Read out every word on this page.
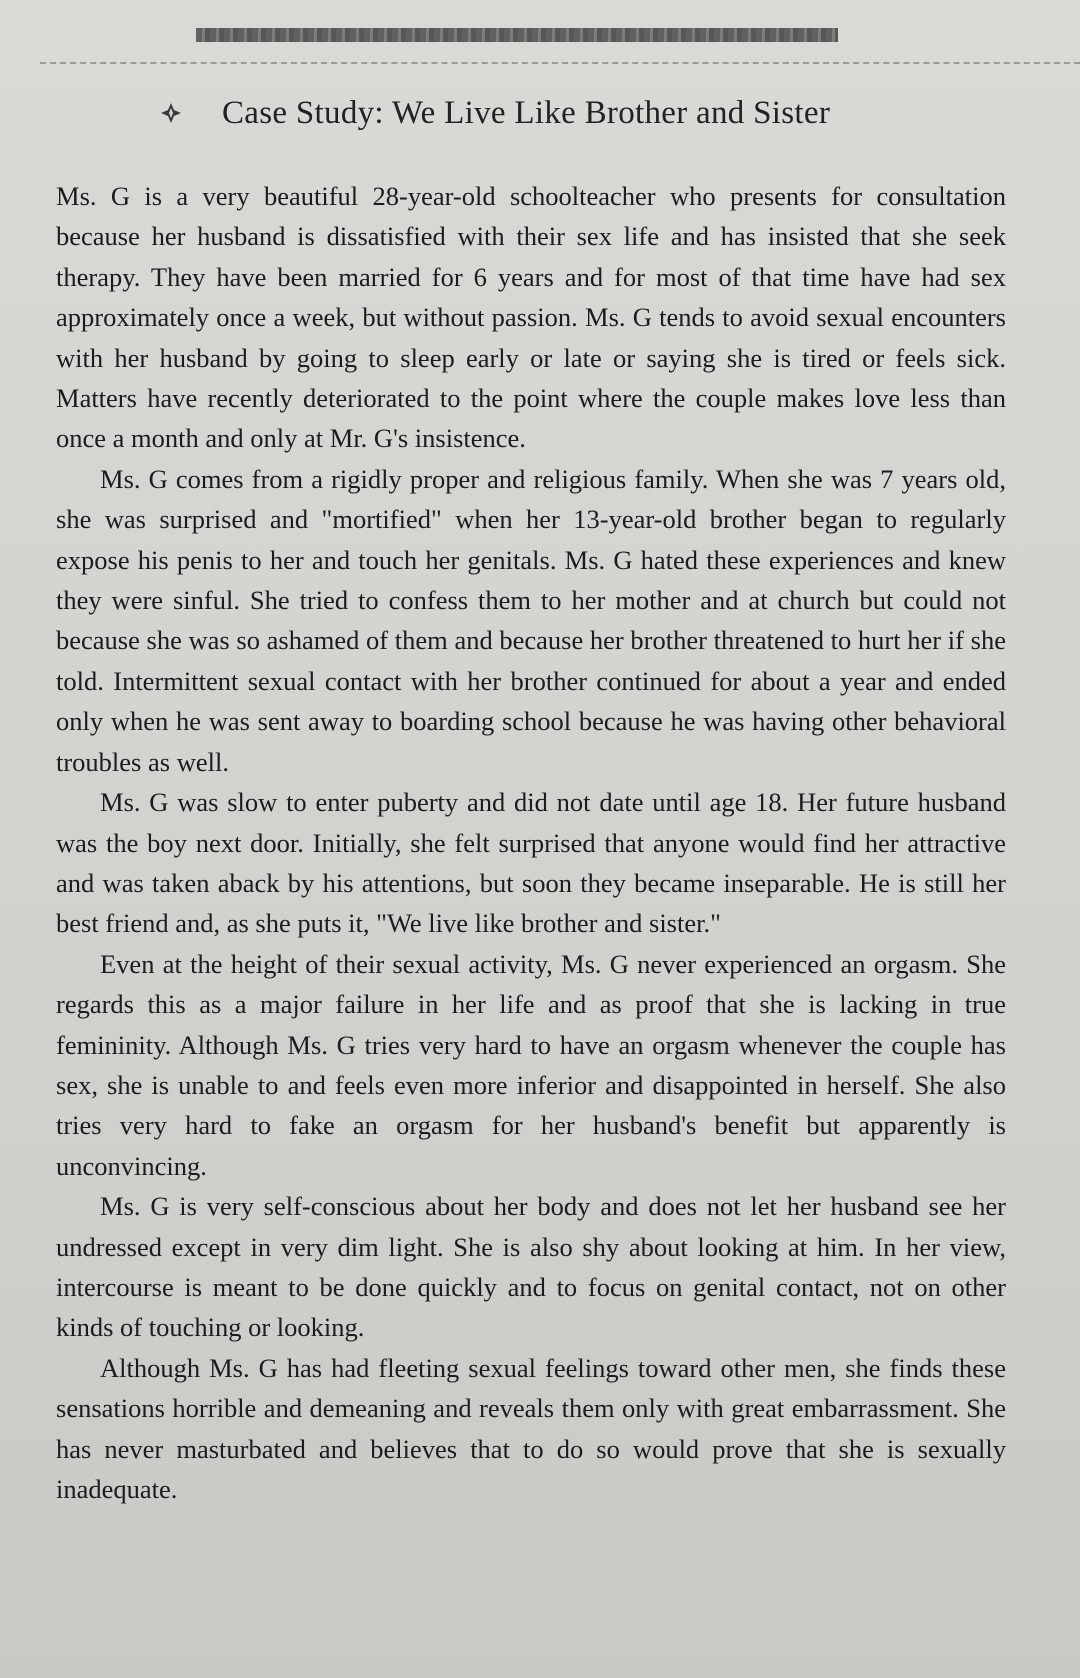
Case Study: We Live Like Brother and Sister

Ms. G is a very beautiful 28-year-old schoolteacher who presents for consultation because her husband is dissatisfied with their sex life and has insisted that she seek therapy. They have been married for 6 years and for most of that time have had sex approximately once a week, but without passion. Ms. G tends to avoid sexual encounters with her husband by going to sleep early or late or saying she is tired or feels sick. Matters have recently deteriorated to the point where the couple makes love less than once a month and only at Mr. G's insistence.

Ms. G comes from a rigidly proper and religious family. When she was 7 years old, she was surprised and "mortified" when her 13-year-old brother began to regularly expose his penis to her and touch her genitals. Ms. G hated these experiences and knew they were sinful. She tried to confess them to her mother and at church but could not because she was so ashamed of them and because her brother threatened to hurt her if she told. Intermittent sexual contact with her brother continued for about a year and ended only when he was sent away to boarding school because he was having other behavioral troubles as well.

Ms. G was slow to enter puberty and did not date until age 18. Her future husband was the boy next door. Initially, she felt surprised that anyone would find her attractive and was taken aback by his attentions, but soon they became inseparable. He is still her best friend and, as she puts it, "We live like brother and sister."

Even at the height of their sexual activity, Ms. G never experienced an orgasm. She regards this as a major failure in her life and as proof that she is lacking in true femininity. Although Ms. G tries very hard to have an orgasm whenever the couple has sex, she is unable to and feels even more inferior and disappointed in herself. She also tries very hard to fake an orgasm for her husband's benefit but apparently is unconvincing.

Ms. G is very self-conscious about her body and does not let her husband see her undressed except in very dim light. She is also shy about looking at him. In her view, intercourse is meant to be done quickly and to focus on genital contact, not on other kinds of touching or looking.

Although Ms. G has had fleeting sexual feelings toward other men, she finds these sensations horrible and demeaning and reveals them only with great embarrassment. She has never masturbated and believes that to do so would prove that she is sexually inadequate.
